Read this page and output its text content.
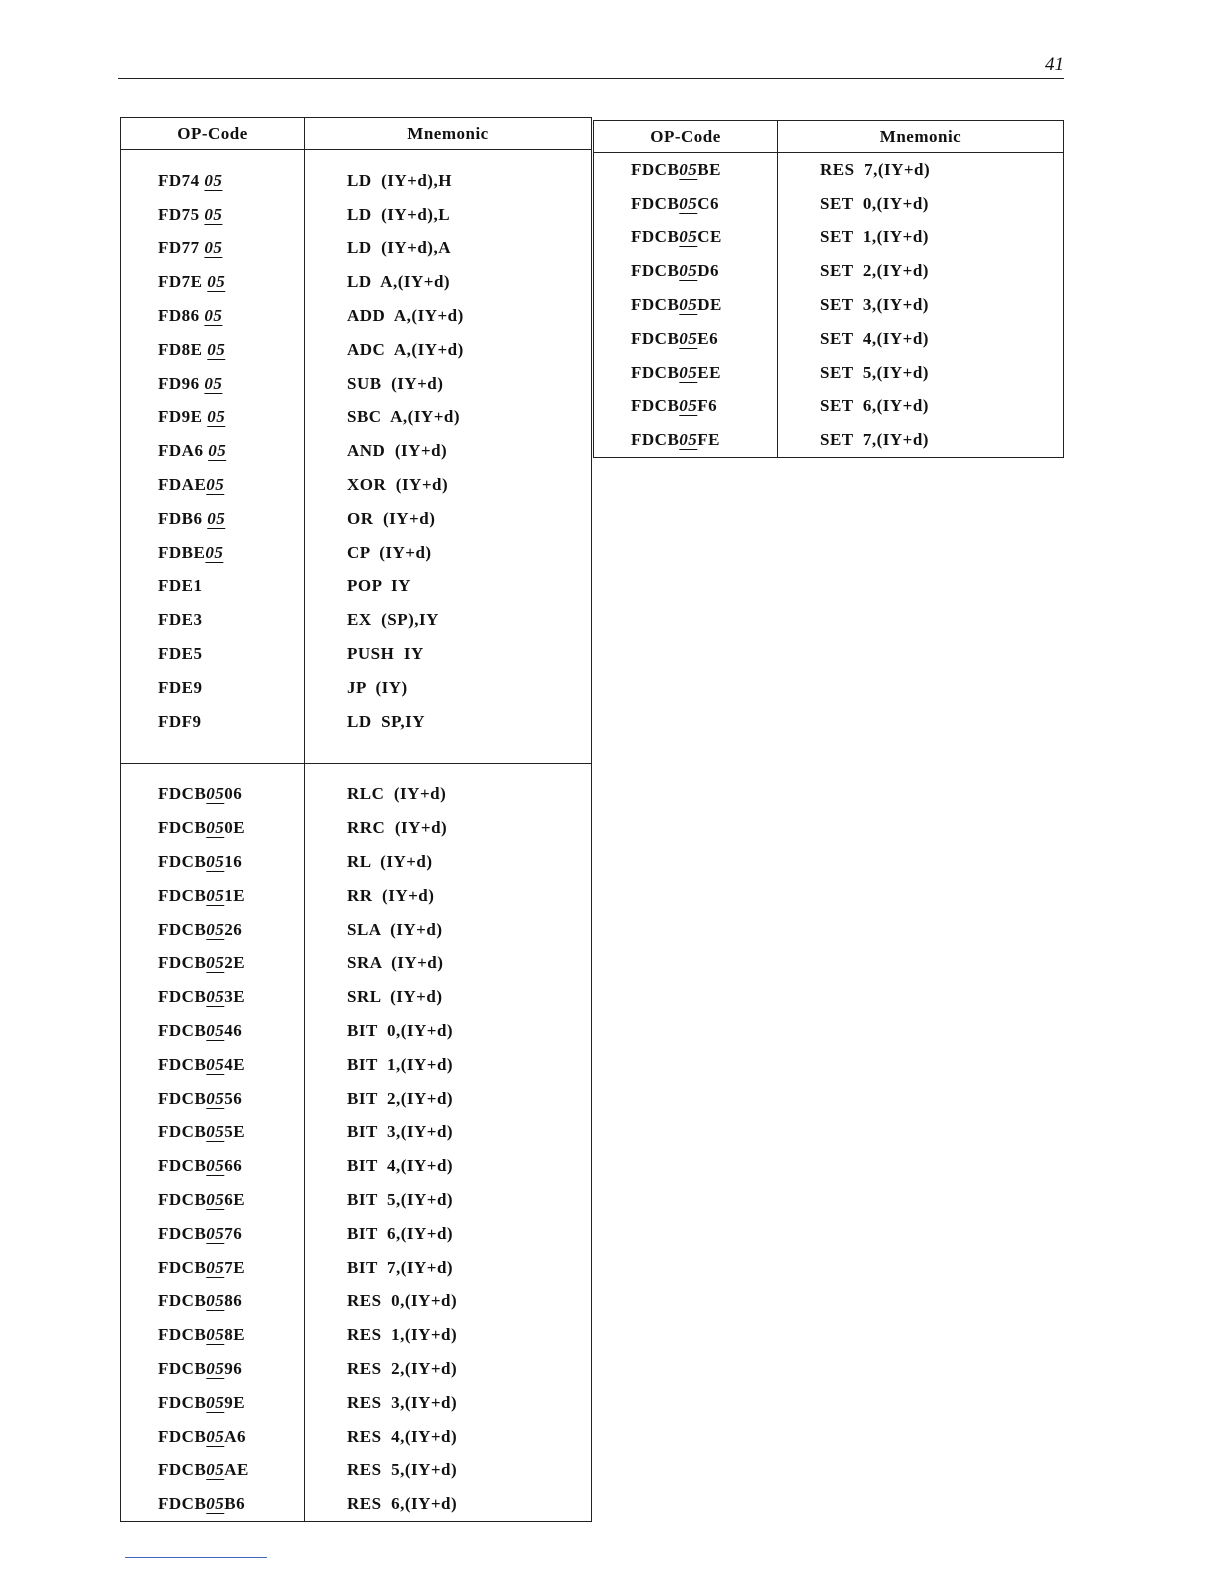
41
OP-Code	Mnemonic

FD74 05	LD  (IY+d),H
FD75 05	LD  (IY+d),L
FD77 05	LD  (IY+d),A
FD7E 05	LD  A,(IY+d)
FD86 05	ADD  A,(IY+d)
FD8E 05	ADC  A,(IY+d)
FD96 05	SUB  (IY+d)
FD9E 05	SBC  A,(IY+d)
FDA6 05	AND  (IY+d)
FDAE05	XOR  (IY+d)
FDB6 05	OR  (IY+d)
FDBE05	CP  (IY+d)
FDE1	POP  IY
FDE3	EX  (SP),IY
FDE5	PUSH  IY
FDE9	JP  (IY)
FDF9	LD  SP,IY

FDCB0506	RLC  (IY+d)
FDCB050E	RRC  (IY+d)
FDCB0516	RL  (IY+d)
FDCB051E	RR  (IY+d)
FDCB0526	SLA  (IY+d)
FDCB052E	SRA  (IY+d)
FDCB053E	SRL  (IY+d)
FDCB0546	BIT  0,(IY+d)
FDCB054E	BIT  1,(IY+d)
FDCB0556	BIT  2,(IY+d)
FDCB055E	BIT  3,(IY+d)
FDCB0566	BIT  4,(IY+d)
FDCB056E	BIT  5,(IY+d)
FDCB0576	BIT  6,(IY+d)
FDCB057E	BIT  7,(IY+d)
FDCB0586	RES  0,(IY+d)
FDCB058E	RES  1,(IY+d)
FDCB0596	RES  2,(IY+d)
FDCB059E	RES  3,(IY+d)
FDCB05A6	RES  4,(IY+d)
FDCB05AE	RES  5,(IY+d)
FDCB05B6	RES  6,(IY+d)
OP-Code	Mnemonic
FDCB05BE	RES  7,(IY+d)
FDCB05C6	SET  0,(IY+d)
FDCB05CE	SET  1,(IY+d)
FDCB05D6	SET  2,(IY+d)
FDCB05DE	SET  3,(IY+d)
FDCB05E6	SET  4,(IY+d)
FDCB05EE	SET  5,(IY+d)
FDCB05F6	SET  6,(IY+d)
FDCB05FE	SET  7,(IY+d)
